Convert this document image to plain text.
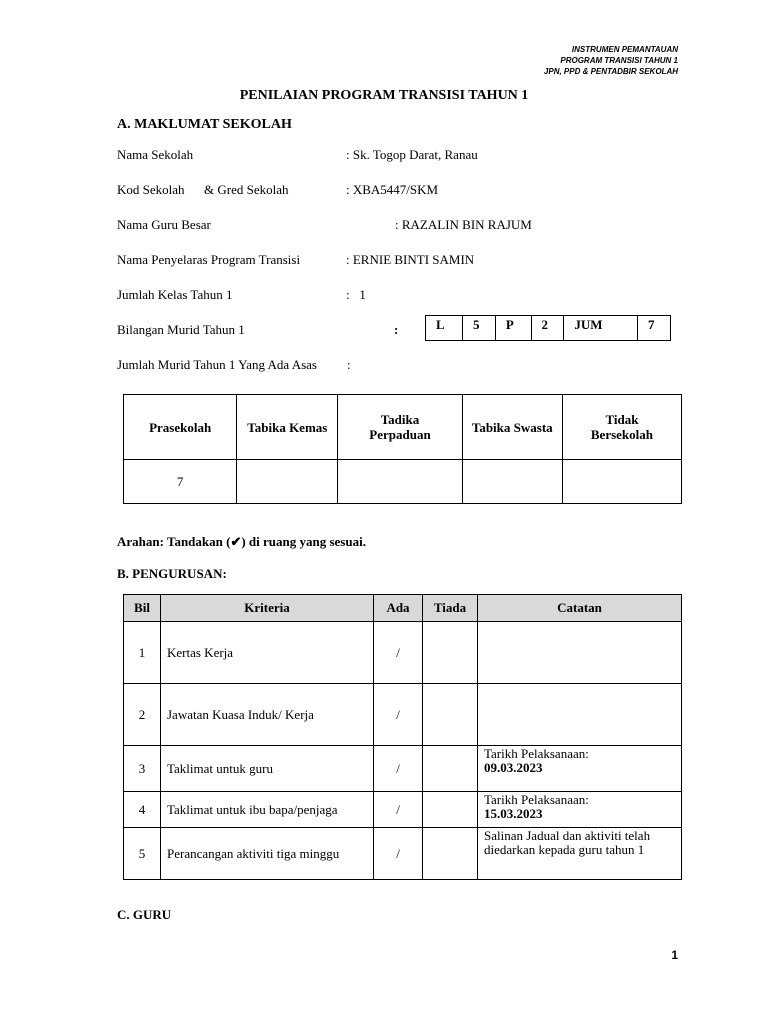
INSTRUMEN PEMANTAUAN
PROGRAM TRANSISI TAHUN 1
JPN, PPD & PENTADBIR SEKOLAH
PENILAIAN PROGRAM TRANSISI TAHUN 1
A. MAKLUMAT SEKOLAH
Nama Sekolah	: Sk. Togop Darat, Ranau
Kod Sekolah      & Gred Sekolah	: XBA5447/SKM
Nama Guru Besar	: RAZALIN BIN RAJUM
Nama Penyelaras Program Transisi	: ERNIE BINTI SAMIN
Jumlah Kelas Tahun 1	:   1
Bilangan Murid Tahun 1	:	L	5	P	2	JUM	7
Jumlah Murid Tahun 1 Yang Ada Asas :
Prasekolah	Tabika Kemas	Tadika Perpaduan	Tabika Swasta	Tidak Bersekolah
7				
Arahan: Tandakan (✔) di ruang yang sesuai.
B. PENGURUSAN:
Bil	Kriteria	Ada	Tiada	Catatan
1	Kertas Kerja	/		

2	Jawatan Kuasa Induk/ Kerja	/		

3	Taklimat untuk guru	/		Tarikh Pelaksanaan:
09.03.2023

4	Taklimat untuk ibu bapa/penjaga	/		Tarikh Pelaksanaan:
15.03.2023

5	Perancangan aktiviti tiga minggu	/		Salinan Jadual dan aktiviti telah diedarkan kepada guru tahun 1
C. GURU
1
